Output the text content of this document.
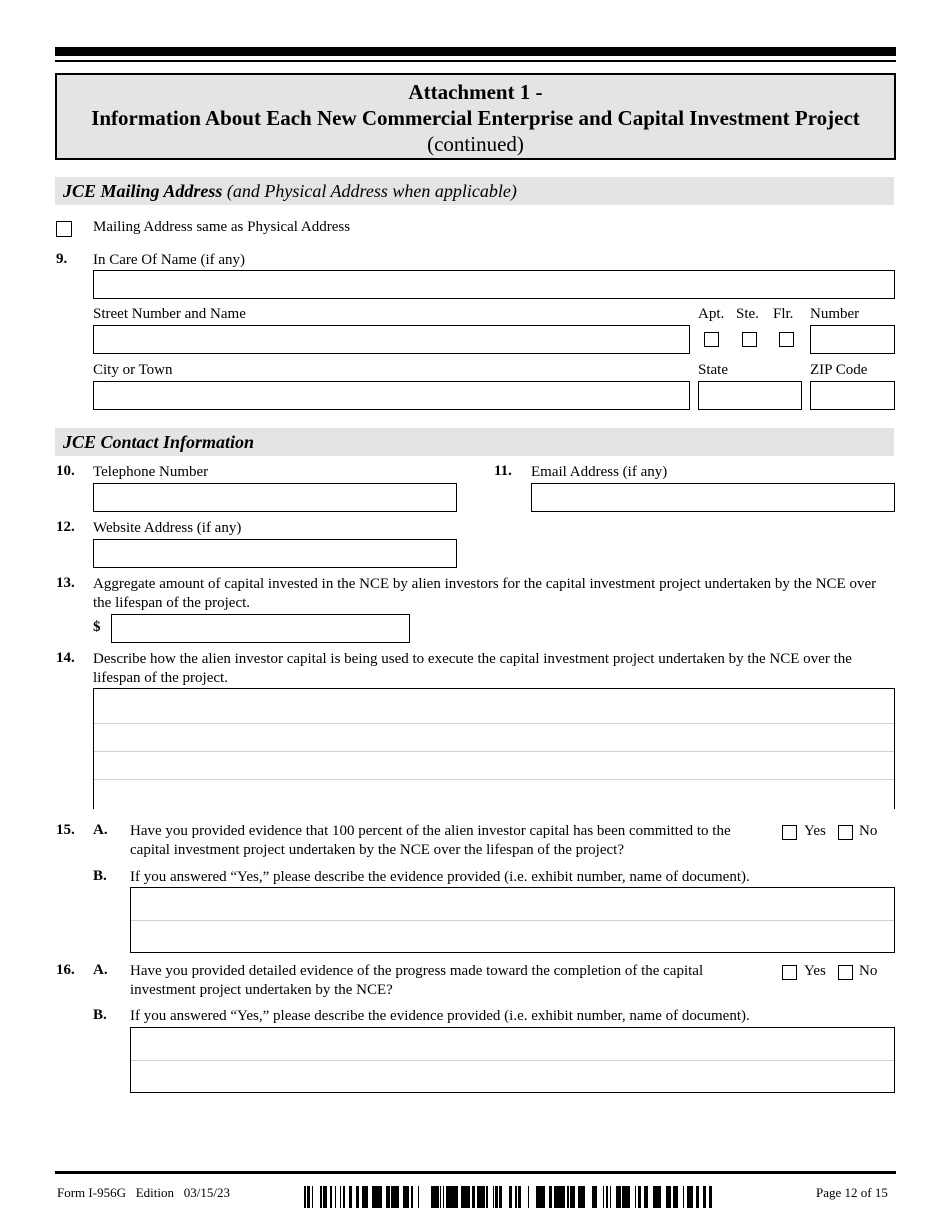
Attachment 1 -
Information About Each New Commercial Enterprise and Capital Investment Project
(continued)
JCE Mailing Address (and Physical Address when applicable)
Mailing Address same as Physical Address
9. In Care Of Name (if any)
Street Number and Name	Apt. Ste. Flr. Number
City or Town	State	ZIP Code
JCE Contact Information
10. Telephone Number	11. Email Address (if any)
12. Website Address (if any)
13. Aggregate amount of capital invested in the NCE by alien investors for the capital investment project undertaken by the NCE over the lifespan of the project.
$
14. Describe how the alien investor capital is being used to execute the capital investment project undertaken by the NCE over the lifespan of the project.
15. A. Have you provided evidence that 100 percent of the alien investor capital has been committed to the capital investment project undertaken by the NCE over the lifespan of the project?
Yes No
B. If you answered “Yes,” please describe the evidence provided (i.e. exhibit number, name of document).
16. A. Have you provided detailed evidence of the progress made toward the completion of the capital investment project undertaken by the NCE?
Yes No
B. If you answered “Yes,” please describe the evidence provided (i.e. exhibit number, name of document).
Form I-956G   Edition   03/15/23	Page 12 of 15
